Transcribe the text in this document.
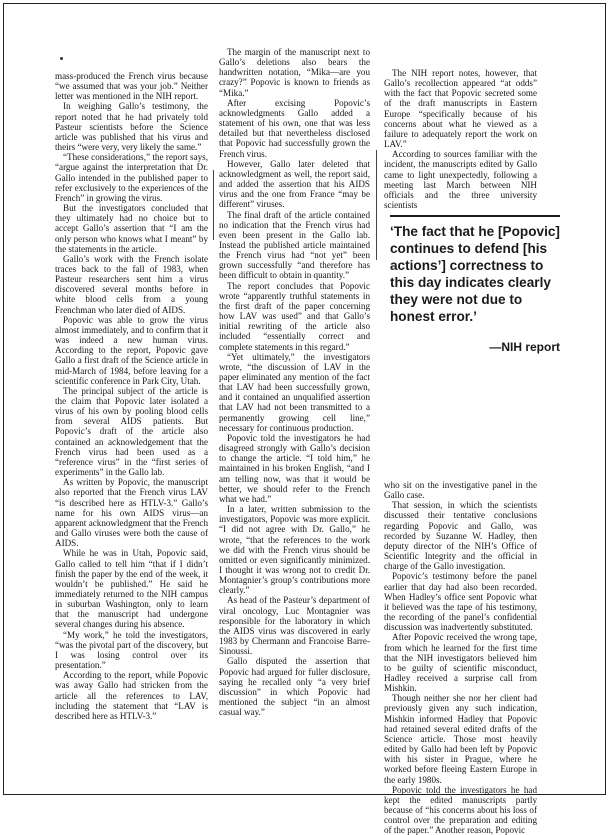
mass-produced the French virus because “we assumed that was your job.” Neither letter was mentioned in the NIH report.

In weighing Gallo’s testimony, the report noted that he had privately told Pasteur scientists before the Science article was published that his virus and theirs “were very, very likely the same.”

“These considerations,” the report says, “argue against the interpretation that Dr. Gallo intended in the published paper to refer exclusively to the experiences of the French” in growing the virus.

But the investigators concluded that they ultimately had no choice but to accept Gallo’s assertion that “I am the only person who knows what I meant” by the statements in the article.

Gallo’s work with the French isolate traces back to the fall of 1983, when Pasteur researchers sent him a virus discovered several months before in white blood cells from a young Frenchman who later died of AIDS.

Popovic was able to grow the virus almost immediately, and to confirm that it was indeed a new human virus. According to the report, Popovic gave Gallo a first draft of the Science article in mid-March of 1984, before leaving for a scientific conference in Park City, Utah.

The principal subject of the article is the claim that Popovic later isolated a virus of his own by pooling blood cells from several AIDS patients. But Popovic’s draft of the article also contained an acknowledgement that the French virus had been used as a “reference virus” in the “first series of experiments” in the Gallo lab.

As written by Popovic, the manuscript also reported that the French virus LAV “is described here as HTLV-3.” Gallo’s name for his own AIDS virus—an apparent acknowledgment that the French and Gallo viruses were both the cause of AIDS.

While he was in Utah, Popovic said, Gallo called to tell him “that if I didn’t finish the paper by the end of the week, it wouldn’t be published.” He said he immediately returned to the NIH campus in suburban Washington, only to learn that the manuscript had undergone several changes during his absence.

“My work,” he told the investigators, “was the pivotal part of the discovery, but I was losing control over its presentation.”

According to the report, while Popovic was away Gallo had stricken from the article all the references to LAV, including the statement that “LAV is described here as HTLV-3.”

The margin of the manuscript next to Gallo’s deletions also bears the handwritten notation, “Mika—are you crazy?” Popovic is known to friends as “Mika.”

After excising Popovic’s acknowledgments Gallo added a statement of his own, one that was less detailed but that nevertheless disclosed that Popovic had successfully grown the French virus.

However, Gallo later deleted that acknowledgment as well, the report said, and added the assertion that his AIDS virus and the one from France “may be different” viruses.

The final draft of the article contained no indication that the French virus had even been present in the Gallo lab. Instead the published article maintained the French virus had “not yet” been grown successfully “and therefore has been difficult to obtain in quantity.”

The report concludes that Popovic wrote “apparently truthful statements in the first draft of the paper concerning how LAV was used” and that Gallo’s initial rewriting of the article also included “essentially correct and complete statements in this regard.”

“Yet ultimately,” the investigators wrote, “the discussion of LAV in the paper eliminated any mention of the fact that LAV had been successfully grown, and it contained an unqualified assertion that LAV had not been transmitted to a permanently growing cell line,” necessary for continuous production.

Popovic told the investigators he had disagreed strongly with Gallo’s decision to change the article. “I told him,” he maintained in his broken English, “and I am telling now, was that it would be better, we should refer to the French what we had.”

In a later, written submission to the investigators, Popovic was more explicit. “I did not agree with Dr. Gallo,” he wrote, “that the references to the work we did with the French virus should be omitted or even significantly minimized. I thought it was wrong not to credit Dr. Montagnier’s group’s contributions more clearly.”

As head of the Pasteur’s department of viral oncology, Luc Montagnier was responsible for the laboratory in which the AIDS virus was discovered in early 1983 by Chermann and Francoise Barre-Sinoussi.

Gallo disputed the assertion that Popovic had argued for fuller disclosure, saying he recalled only “a very brief discussion” in which Popovic had mentioned the subject “in an almost casual way.”

The NIH report notes, however, that Gallo’s recollection appeared “at odds” with the fact that Popovic secreted some of the draft manuscripts in Eastern Europe “specifically because of his concerns about what he viewed as a failure to adequately report the work on LAV.”

According to sources familiar with the incident, the manuscripts edited by Gallo came to light unexpectedly, following a meeting last March between NIH officials and the three university scientists

who sit on the investigative panel in the Gallo case.

That session, in which the scientists discussed their tentative conclusions regarding Popovic and Gallo, was recorded by Suzanne W. Hadley, then deputy director of the NIH’s Office of Scientific Integrity and the official in charge of the Gallo investigation.

Popovic’s testimony before the panel earlier that day had also been recorded. When Hadley’s office sent Popovic what it believed was the tape of his testimony, the recording of the panel’s confidential discussion was inadvertently substituted.

After Popovic received the wrong tape, from which he learned for the first time that the NIH investigators believed him to be guilty of scientific misconduct, Hadley received a surprise call from Mishkin.

Though neither she nor her client had previously given any such indication, Mishkin informed Hadley that Popovic had retained several edited drafts of the Science article. Those most heavily edited by Gallo had been left by Popovic with his sister in Prague, where he worked before fleeing Eastern Europe in the early 1980s.

Popovic told the investigators he had kept the edited manuscripts partly because of “his concerns about his loss of control over the preparation and editing of the paper.” Another reason, Popovic

‘The fact that he [Popovic] continues to defend [his actions’] correctness to this day indicates clearly they were not due to honest error.’
—NIH report
